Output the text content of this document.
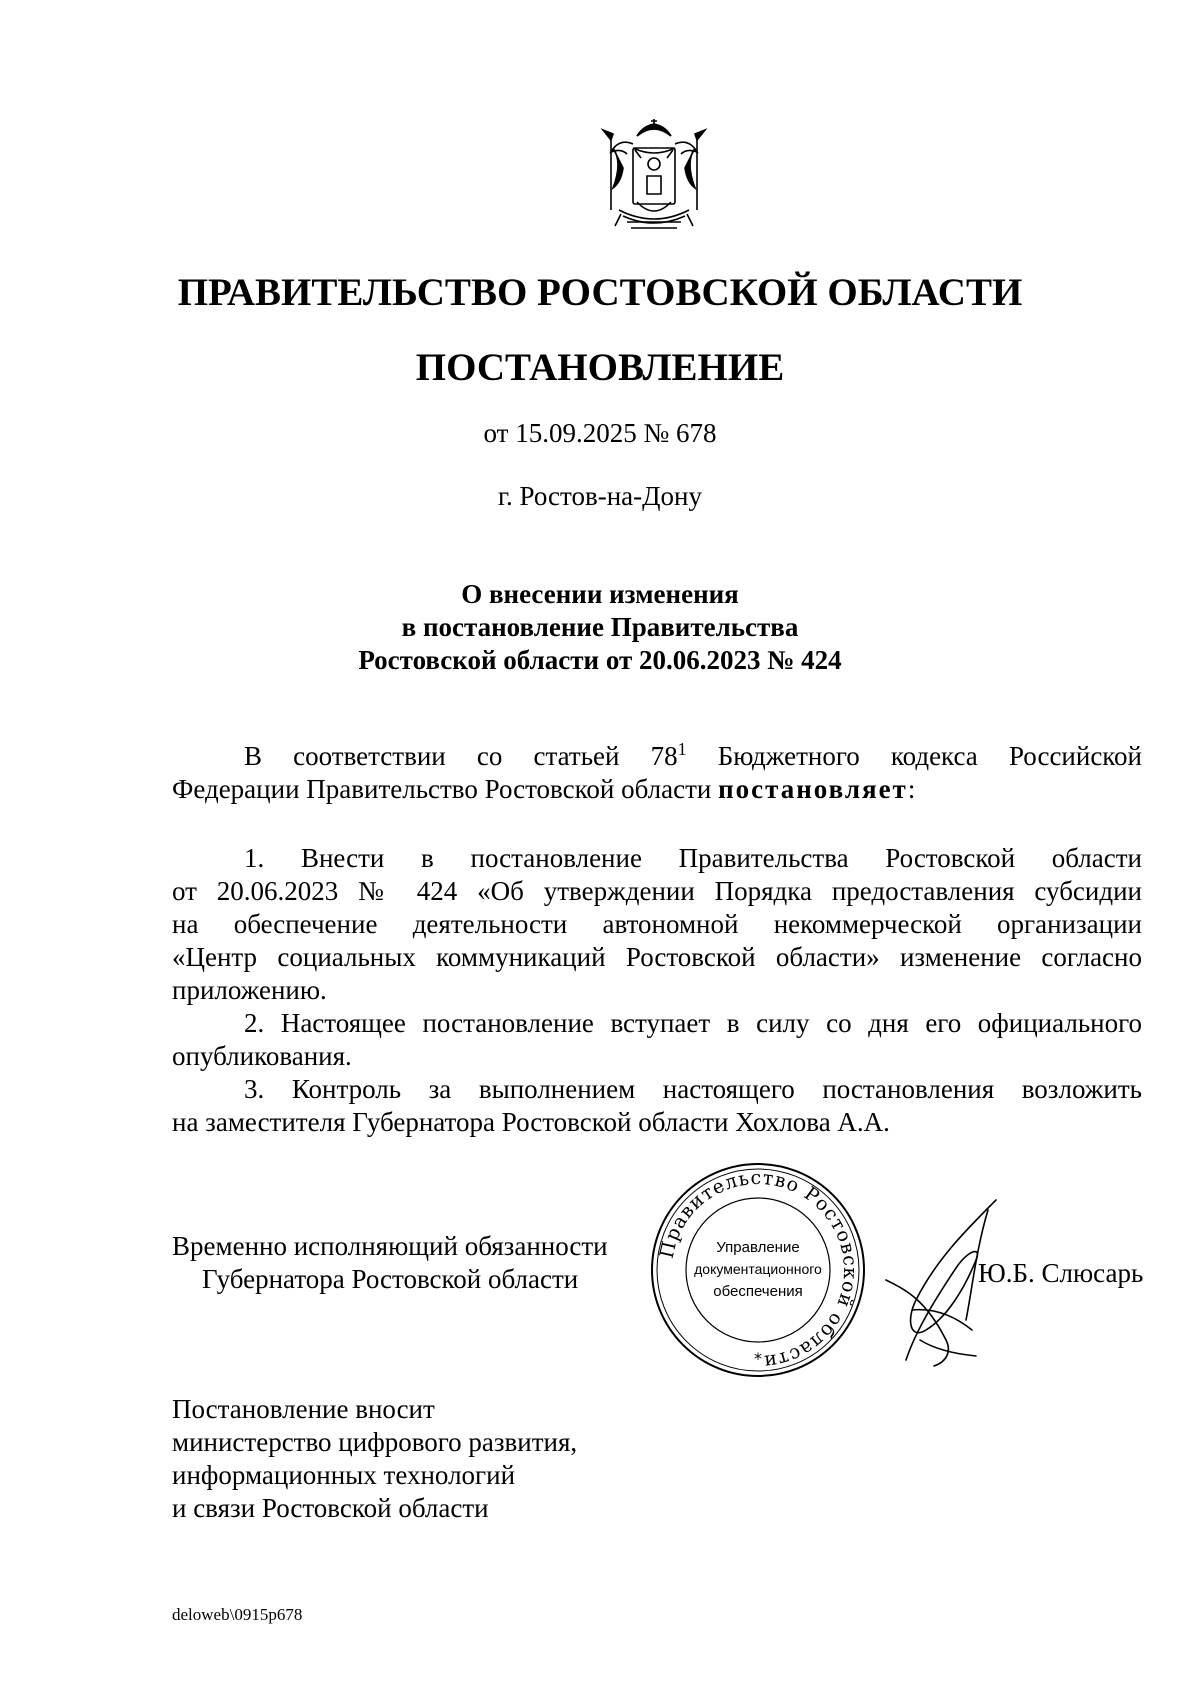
ПРАВИТЕЛЬСТВО РОСТОВСКОЙ ОБЛАСТИ
ПОСТАНОВЛЕНИЕ
от 15.09.2025 № 678
г. Ростов-на-Дону
О внесении изменения
в постановление Правительства
Ростовской области от 20.06.2023 № 424
В соответствии со статьей $78^1$ Бюджетного кодекса Российской
Федерации Правительство Ростовской области постановляет:
1. Внести в постановление Правительства Ростовской области
от 20.06.2023 № 424 «Об утверждении Порядка предоставления субсидии
на обеспечение деятельности автономной некоммерческой организации
«Центр социальных коммуникаций Ростовской области» изменение согласно
приложению.
2. Настоящее постановление вступает в силу со дня его официального
опубликования.
3. Контроль за выполнением настоящего постановления возложить
на заместителя Губернатора Ростовской области Хохлова А.А.
Временно исполняющий обязанности
Губернатора Ростовской области
Правительство Ростовской области
Управление
документационного
обеспечения
*
Ю.Б. Слюсарь
Постановление вносит
министерство цифрового развития,
информационных технологий
и связи Ростовской области
deloweb\0915p678
